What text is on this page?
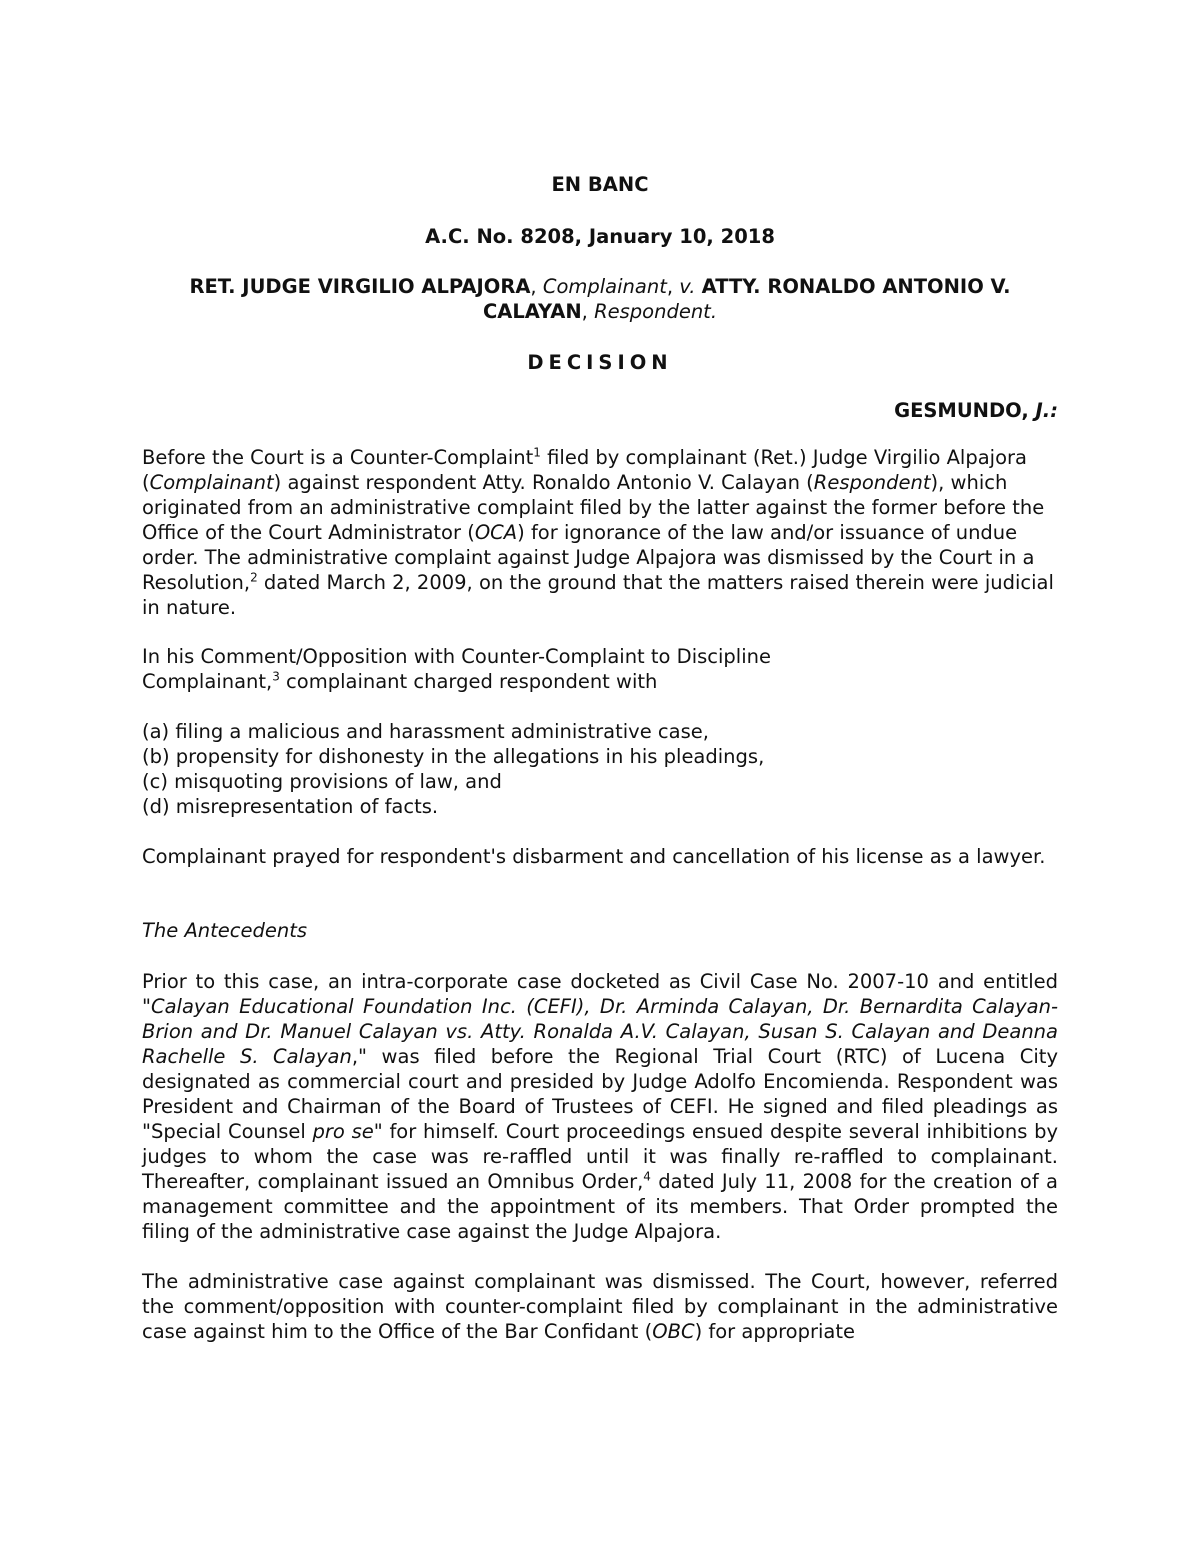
EN BANC

A.C. No. 8208, January 10, 2018

RET. JUDGE VIRGILIO ALPAJORA, Complainant, v. ATTY. RONALDO ANTONIO V.
CALAYAN, Respondent.

DECISION

GESMUNDO, J.:

Before the Court is a Counter-Complaint$^1$ filed by complainant (Ret.) Judge Virgilio Alpajora (Complainant) against respondent Atty. Ronaldo Antonio V. Calayan (Respondent), which originated from an administrative complaint filed by the latter against the former before the Office of the Court Administrator (OCA) for ignorance of the law and/or issuance of undue order. The administrative complaint against Judge Alpajora was dismissed by the Court in a Resolution,$^2$ dated March 2, 2009, on the ground that the matters raised therein were judicial in nature.

In his Comment/Opposition with Counter-Complaint to Discipline
Complainant,$^3$ complainant charged respondent with

(a) filing a malicious and harassment administrative case,

(b) propensity for dishonesty in the allegations in his pleadings,

(c) misquoting provisions of law, and

(d) misrepresentation of facts.

Complainant prayed for respondent's disbarment and cancellation of his license as a lawyer.

The Antecedents

Prior to this case, an intra-corporate case docketed as Civil Case No. 2007-10 and entitled "Calayan Educational Foundation Inc. (CEFI), Dr. Arminda Calayan, Dr. Bernardita Calayan-Brion and Dr. Manuel Calayan vs. Atty. Ronalda A.V. Calayan, Susan S. Calayan and Deanna Rachelle S. Calayan," was filed before the Regional Trial Court (RTC) of Lucena City designated as commercial court and presided by Judge Adolfo Encomienda. Respondent was President and Chairman of the Board of Trustees of CEFI. He signed and filed pleadings as "Special Counsel pro se" for himself. Court proceedings ensued despite several inhibitions by judges to whom the case was re-raffled until it was finally re-raffled to complainant. Thereafter, complainant issued an Omnibus Order,$^4$ dated July 11, 2008 for the creation of a management committee and the appointment of its members. That Order prompted the filing of the administrative case against the Judge Alpajora.

The administrative case against complainant was dismissed. The Court, however, referred the comment/opposition with counter-complaint filed by complainant in the administrative case against him to the Office of the Bar Confidant (OBC) for appropriate
